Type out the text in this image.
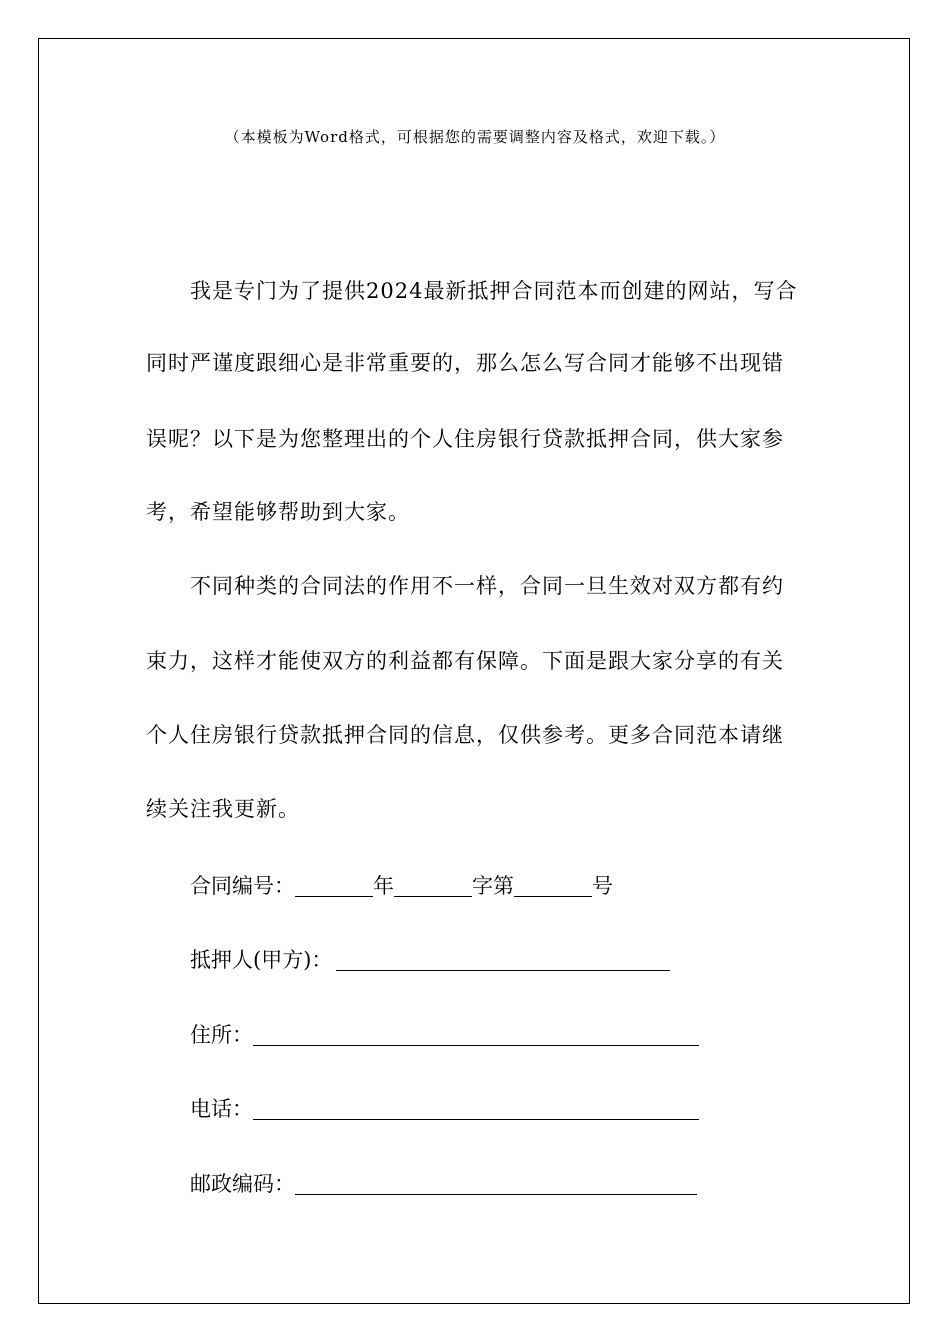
（本模板为Word格式，可根据您的需要调整内容及格式，欢迎下载。）
我是专门为了提供2024最新抵押合同范本而创建的网站，写合
同时严谨度跟细心是非常重要的，那么怎么写合同才能够不出现错
误呢？以下是为您整理出的个人住房银行贷款抵押合同，供大家参
考，希望能够帮助到大家。
不同种类的合同法的作用不一样，合同一旦生效对双方都有约
束力，这样才能使双方的利益都有保障。下面是跟大家分享的有关
个人住房银行贷款抵押合同的信息，仅供参考。更多合同范本请继
续关注我更新。
合同编号：	年	字第	号
抵押人(甲方)：
住所：
电话：
邮政编码：
